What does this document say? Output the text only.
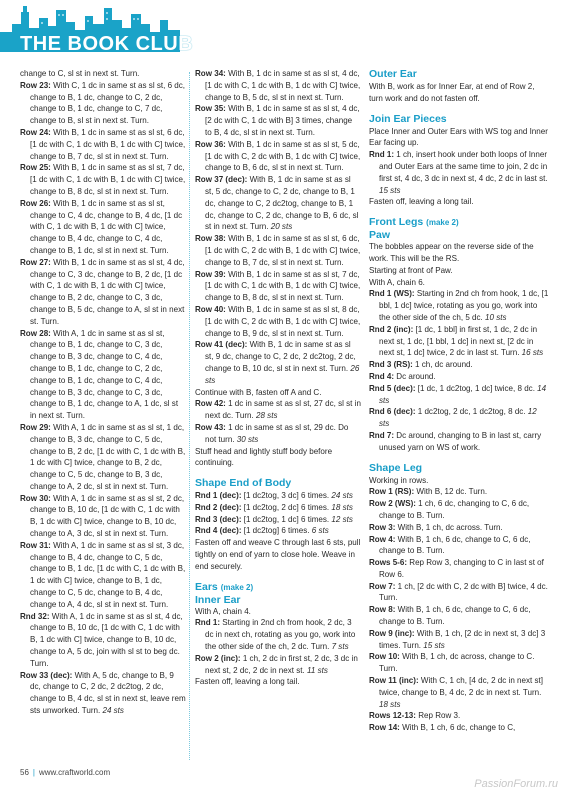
THE BOOK CLUB
change to C, sl st in next st. Turn.
Row 23: With C, 1 dc in same st as sl st, 6 dc, change to B, 1 dc, change to C, 2 dc, change to B, 1 dc, change to C, 7 dc, change to B, sl st in next st. Turn.
Row 24: With B, 1 dc in same st as sl st, 6 dc, [1 dc with C, 1 dc with B, 1 dc with C] twice, change to B, 7 dc, sl st in next st. Turn.
Row 25: With B, 1 dc in same st as sl st, 7 dc, [1 dc with C, 1 dc with B, 1 dc with C] twice, change to B, 8 dc, sl st in next st. Turn.
Row 26: With B, 1 dc in same st as sl st, change to C, 4 dc, change to B, 4 dc, [1 dc with C, 1 dc with B, 1 dc with C] twice, change to B, 4 dc, change to C, 4 dc, change to B, 1 dc, sl st in next st. Turn.
Row 27: With B, 1 dc in same st as sl st, 4 dc, change to C, 3 dc, change to B, 2 dc, [1 dc with C, 1 dc with B, 1 dc with C] twice, change to B, 2 dc, change to C, 3 dc, change to B, 5 dc, change to A, sl st in next st. Turn.
Row 28: With A, 1 dc in same st as sl st, change to B, 1 dc, change to C, 3 dc, change to B, 3 dc, change to C, 4 dc, change to B, 1 dc, change to C, 2 dc, change to B, 1 dc, change to C, 4 dc, change to B, 3 dc, change to C, 3 dc, change to B, 1 dc, change to A, 1 dc, sl st in next st. Turn.
Row 29: With A, 1 dc in same st as sl st, 1 dc, change to B, 3 dc, change to C, 5 dc, change to B, 2 dc, [1 dc with C, 1 dc with B, 1 dc with C] twice, change to B, 2 dc, change to C, 5 dc, change to B, 3 dc, change to A, 2 dc, sl st in next st. Turn.
Row 30: With A, 1 dc in same st as sl st, 2 dc, change to B, 10 dc, [1 dc with C, 1 dc with B, 1 dc with C] twice, change to B, 10 dc, change to A, 3 dc, sl st in next st. Turn.
Row 31: With A, 1 dc in same st as sl st, 3 dc, change to B, 4 dc, change to C, 5 dc, change to B, 1 dc, [1 dc with C, 1 dc with B, 1 dc with C] twice, change to B, 1 dc, change to C, 5 dc, change to B, 4 dc, change to A, 4 dc, sl st in next st. Turn.
Rnd 32: With A, 1 dc in same st as sl st, 4 dc, change to B, 10 dc, [1 dc with C, 1 dc with B, 1 dc with C] twice, change to B, 10 dc, change to A, 5 dc, join with sl st to beg dc. Turn.
Row 33 (dec): With A, 5 dc, change to B, 9 dc, change to C, 2 dc, 2 dc2tog, 2 dc, change to B, 4 dc, sl st in next st, leave rem sts unworked. Turn. 24 sts
Row 34: With B, 1 dc in same st as sl st, 4 dc, [1 dc with C, 1 dc with B, 1 dc with C] twice, change to B, 5 dc, sl st in next st. Turn.
Row 35: With B, 1 dc in same st as sl st, 4 dc, [2 dc with C, 1 dc with B] 3 times, change to B, 4 dc, sl st in next st. Turn.
Row 36: With B, 1 dc in same st as sl st, 5 dc, [1 dc with C, 2 dc with B, 1 dc with C] twice, change to B, 6 dc, sl st in next st. Turn.
Row 37 (dec): With B, 1 dc in same st as sl st, 5 dc, change to C, 2 dc, change to B, 1 dc, change to C, 2 dc2tog, change to B, 1 dc, change to C, 2 dc, change to B, 6 dc, sl st in next st. Turn. 20 sts
Row 38: With B, 1 dc in same st as sl st, 6 dc, [1 dc with C, 2 dc with B, 1 dc with C] twice, change to B, 7 dc, sl st in next st. Turn.
Row 39: With B, 1 dc in same st as sl st, 7 dc, [1 dc with C, 1 dc with B, 1 dc with C] twice, change to B, 8 dc, sl st in next st. Turn.
Row 40: With B, 1 dc in same st as sl st, 8 dc, [1 dc with C, 2 dc with B, 1 dc with C] twice, change to B, 9 dc, sl st in next st. Turn.
Row 41 (dec): With B, 1 dc in same st as sl st, 9 dc, change to C, 2 dc, 2 dc2tog, 2 dc, change to B, 10 dc, sl st in next st. Turn. 26 sts
Continue with B, fasten off A and C.
Row 42: 1 dc in same st as sl st, 27 dc, sl st in next dc. Turn. 28 sts
Row 43: 1 dc in same st as sl st, 29 dc. Do not turn. 30 sts
Stuff head and lightly stuff body before continuing.
Shape End of Body
Rnd 1 (dec): [1 dc2tog, 3 dc] 6 times. 24 sts
Rnd 2 (dec): [1 dc2tog, 2 dc] 6 times. 18 sts
Rnd 3 (dec): [1 dc2tog, 1 dc] 6 times. 12 sts
Rnd 4 (dec): [1 dc2tog] 6 times. 6 sts
Fasten off and weave C through last 6 sts, pull tightly on end of yarn to close hole. Weave in end securely.
Ears (make 2)
Inner Ear
With A, chain 4.
Rnd 1: Starting in 2nd ch from hook, 2 dc, 3 dc in next ch, rotating as you go, work into the other side of the ch, 2 dc. Turn. 7 sts
Row 2 (inc): 1 ch, 2 dc in first st, 2 dc, 3 dc in next st, 2 dc, 2 dc in next st. 11 sts
Fasten off, leaving a long tail.
Outer Ear
With B, work as for Inner Ear, at end of Row 2, turn work and do not fasten off.
Join Ear Pieces
Place Inner and Outer Ears with WS tog and Inner Ear facing up.
Rnd 1: 1 ch, insert hook under both loops of Inner and Outer Ears at the same time to join, 2 dc in first st, 4 dc, 3 dc in next st, 4 dc, 2 dc in last st. 15 sts
Fasten off, leaving a long tail.
Front Legs (make 2)
Paw
The bobbles appear on the reverse side of the work. This will be the RS.
Starting at front of Paw.
With A, chain 6.
Rnd 1 (WS): Starting in 2nd ch from hook, 1 dc, [1 bbl, 1 dc] twice, rotating as you go, work into the other side of the ch, 5 dc. 10 sts
Rnd 2 (inc): [1 dc, 1 bbl] in first st, 1 dc, 2 dc in next st, 1 dc, [1 bbl, 1 dc] in next st, [2 dc in next st, 1 dc] twice, 2 dc in last st. Turn. 16 sts
Rnd 3 (RS): 1 ch, dc around.
Rnd 4: Dc around.
Rnd 5 (dec): [1 dc, 1 dc2tog, 1 dc] twice, 8 dc. 14 sts
Rnd 6 (dec): 1 dc2tog, 2 dc, 1 dc2tog, 8 dc. 12 sts
Rnd 7: Dc around, changing to B in last st, carry unused yarn on WS of work.
Shape Leg
Working in rows.
Row 1 (RS): With B, 12 dc. Turn.
Row 2 (WS): 1 ch, 6 dc, changing to C, 6 dc, change to B. Turn.
Row 3: With B, 1 ch, dc across. Turn.
Row 4: With B, 1 ch, 6 dc, change to C, 6 dc, change to B. Turn.
Rows 5-6: Rep Row 3, changing to C in last st of Row 6.
Row 7: 1 ch, [2 dc with C, 2 dc with B] twice, 4 dc. Turn.
Row 8: With B, 1 ch, 6 dc, change to C, 6 dc, change to B. Turn.
Row 9 (inc): With B, 1 ch, [2 dc in next st, 3 dc] 3 times. Turn. 15 sts
Row 10: With B, 1 ch, dc across, change to C. Turn.
Row 11 (inc): With C, 1 ch, [4 dc, 2 dc in next st] twice, change to B, 4 dc, 2 dc in next st. Turn. 18 sts
Rows 12-13: Rep Row 3.
Row 14: With B, 1 ch, 6 dc, change to C,
56 | www.craftworld.com
PassionForum.ru
